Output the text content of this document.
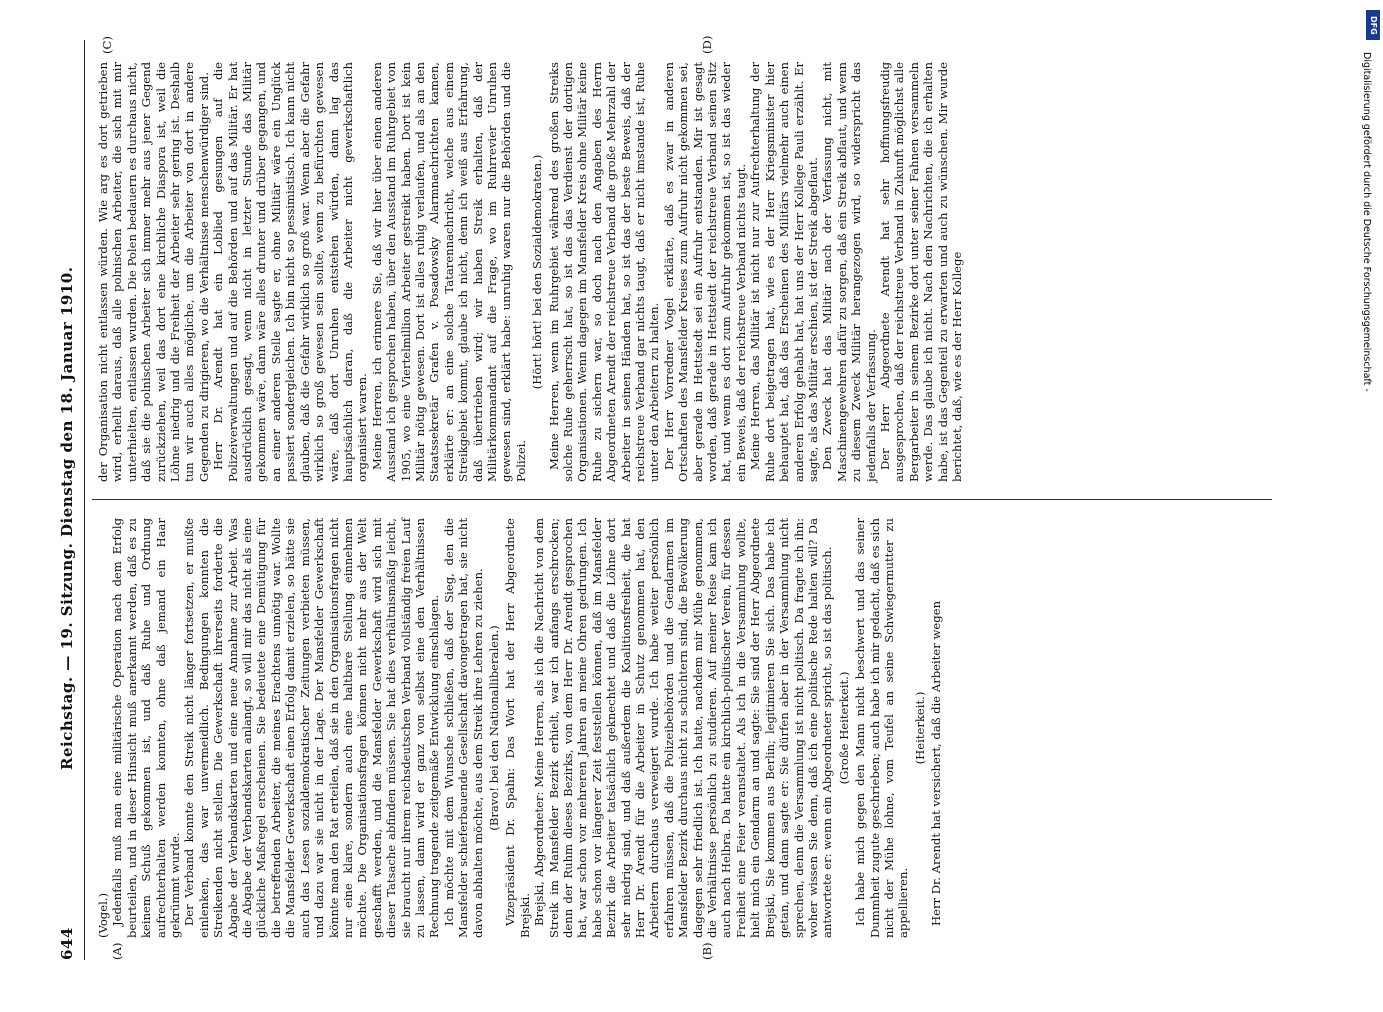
644
Reichstag. — 19. Sitzung. Dienstag den 18. Januar 1910.
(A)	(B)
(C)	(D)

(Vogel.) Jedenfalls muß man eine militärische Operation nach dem Erfolg beurteilen, und in dieser Hinsicht muß anerkannt werden, daß es zu keinem Schuß gekommen ist, und daß Ruhe und Ordnung aufrechterhalten werden konnten, ohne daß jemand ein Haar gekrümmt wurde. Der Verband konnte den Streik nicht länger fortsetzen, er mußte einlenken, das war unvermeidlich. Bedingungen konnten die Streikenden nicht stellen. Die Gewerkschaft ihrerseits forderte die Abgabe der Verbandskarten und eine neue Annahme zur Arbeit. Was die Abgabe der Verbandskarten anlangt, so will mir das nicht als eine glückliche Maßregel erscheinen. Sie bedeutete eine Demütigung für die betreffenden Arbeiter, die meines Erachtens unnötig war. Wollte die Mansfelder Gewerkschaft einen Erfolg damit erzielen, so hätte sie auch das Lesen sozialdemokratischer Zeitungen verbieten müssen, und dazu war sie nicht in der Lage. Der Mansfelder Gewerkschaft könnte man den Rat erteilen, daß sie in den Organisationsfragen nicht nur eine klare, sondern auch eine haltbare Stellung einnehmen möchte. Die Organisationsfragen können nicht mehr aus der Welt geschafft werden, und die Mansfelder Gewerkschaft wird sich mit dieser Tatsache abfinden müssen. Sie hat dies verhältnismäßig leicht, sie braucht nur ihrem reichsdeutschen Verband vollständig freien Lauf zu lassen, dann wird er ganz von selbst eine den Verhältnissen Rechnung tragende zeitgemäße Entwicklung einschlagen. Ich möchte mit dem Wunsche schließen, daß der Sieg, den die Mansfelder schieferbauende Gesellschaft davongetragen hat, sie nicht davon abhalten möchte, aus dem Streik ihre Lehren zu ziehen. (Bravo! bei den Nationalliberalen.) Vizepräsident Dr. Spahn: Das Wort hat der Herr Abgeordnete Brejski. Brejski, Abgeordneter: Meine Herren, als ich die Nachricht von dem Streik im Mansfelder Bezirk erhielt, war ich anfangs erschrocken; denn der Ruhm dieses Bezirks, von dem Herr Dr. Arendt gesprochen hat, war schon vor mehreren Jahren an meine Ohren gedrungen. Ich habe schon vor längerer Zeit feststellen können, daß im Mansfelder Bezirk die Arbeiter tatsächlich geknechtet und daß die Löhne dort sehr niedrig sind, und daß außerdem die Koalitionsfreiheit, die hat Herr Dr. Arendt für die Arbeiter in Schutz genommen hat, den Arbeitern durchaus verweigert wurde. Ich habe weiter persönlich erfahren müssen, daß die Polizeibehörden und die Gendarmen im Mansfelder Bezirk durchaus nicht zu schüchtern sind, die Bevölkerung dagegen sehr friedlich ist. Ich hatte, nachdem mir Mühe genommen, die Verhältnisse persönlich zu studieren. Auf meiner Reise kam ich auch nach Helbra. Da hatte ein kirchlich-politischer Verein, für dessen Freiheit eine Feier veranstaltet. Als ich in die Versammlung wollte, hielt mich ein Gendarm an und sagte: Sie sind der Herr Abgeordnete Brejski, Sie kommen aus Berlin; legitimieren Sie sich. Das habe ich getan, und dann sagte er: Sie dürfen aber in der Versammlung nicht sprechen, denn die Versammlung ist nicht politisch. Da fragte ich ihn: woher wissen Sie denn, daß ich eine politische Rede halten will? Da antwortete er: wenn ein Abgeordneter spricht, so ist das politisch. (Große Heiterkeit.) Ich habe mich gegen den Mann nicht beschwert und das seiner Dummheit zugute geschrieben; auch habe ich mir gedacht, daß es sich nicht der Mühe lohne, vom Teufel an seine Schwiegermutter zu appellieren.

(Heiterkeit.) Herr Dr. Arendt hat versichert, daß die Arbeiter wegen

der Organisation nicht entlassen würden. Wie arg es dort getrieben wird, erhellt daraus, daß alle polnischen Arbeiter, die sich mit mir unterhielten, entlassen wurden. Die Polen bedauern es durchaus nicht, daß sie die polnischen Arbeiter sich immer mehr aus jener Gegend zurückziehen, weil das dort eine kirchliche Diaspora ist, weil die Löhne niedrig und die Freiheit der Arbeiter sehr gering ist. Deshalb tun wir auch alles mögliche, um die Arbeiter von dort in andere Gegenden zu dirigieren, wo die Verhältnisse menschenwürdiger sind. Herr Dr. Arendt hat ein Loblied gesungen auf die Polizeiverwaltungen und auf die Behörden und auf das Militär. Er hat ausdrücklich gesagt, wenn nicht in letzter Stunde das Militär gekommen wäre, dann wäre alles drunter und drüber gegangen, und an einer anderen Stelle sagte er, ohne Militär wäre ein Unglück passiert sondergleichen. Ich bin nicht so pessimistisch. Ich kann nicht glauben, daß die Gefahr wirklich so groß war. Wenn aber die Gefahr wirklich so groß gewesen sein sollte, wenn zu befürchten gewesen wäre, daß dort Unruhen entstehen würden, dann lag das hauptsächlich daran, daß die Arbeiter nicht gewerkschaftlich organisiert waren. Meine Herren, ich erinnere Sie, daß wir hier über einen anderen Ausstand ich gesprochen haben, über den Ausstand im Ruhrgebiet von 1905, wo eine Viertelmillion Arbeiter gestreikt haben. Dort ist kein Militär nötig gewesen. Dort ist alles ruhig verlaufen, und als an den Staatssekretär Grafen v. Posadowsky Alarmnachrichten kamen, erklärte er: an eine solche Tatarennachricht, welche aus einem Streikgebiet kommt, glaube ich nicht, denn ich weiß aus Erfahrung, daß übertrieben wird; wir haben Streik erhalten, daß der Militärkommandant auf die Frage, wo im Ruhrrevier Unruhen gewesen sind, erklärt habe: unruhig waren nur die Behörden und die Polizei.

(Hört! hört! bei den Sozialdemokraten.) Meine Herren, wenn im Ruhrgebiet während des großen Streiks solche Ruhe geherrscht hat, so ist das das Verdienst der dortigen Organisationen. Wenn dagegen im Mansfelder Kreis ohne Militär keine Ruhe zu sichern war, so doch nach den Angaben des Herrn Abgeordneten Arendt der reichstreue Verband die große Mehrzahl der Arbeiter in seinen Händen hat, so ist das der beste Beweis, daß der reichstreue Verband gar nichts taugt, daß er nicht imstande ist, Ruhe unter den Arbeitern zu halten. Der Herr Vorredner Vogel erklärte, daß es zwar in anderen Ortschaften des Mansfelder Kreises zum Aufruhr nicht gekommen sei, aber gerade in Hettstedt sei ein Aufruhr entstanden. Mir ist gesagt worden, daß gerade in Hettstedt der reichstreue Verband seinen Sitz hat, und wenn es dort zum Aufruhr gekommen ist, so ist das wieder ein Beweis, daß der reichstreue Verband nichts taugt. Meine Herren, das Militär ist nicht nur zur Aufrechterhaltung der Ruhe dort beigetragen hat, wie es der Herr Kriegsminister hier behauptet hat, daß das Erscheinen des Militärs vielmehr auch einen anderen Erfolg gehabt hat, hat uns der Herr Kollege Pauli erzählt. Er sagte, als das Militär erschien, ist der Streik abgeflaut. Den Zweck hat das Militär nach der Verfassung nicht, mit Maschinengewehren dafür zu sorgen, daß ein Streik abflaut, und wenn zu diesem Zweck Militär herangezogen wird, so widerspricht das jedenfalls der Verfassung. Der Herr Abgeordnete Arendt hat sehr hoffnungsfreudig ausgesprochen, daß der reichstreue Verband in Zukunft möglichst alle Bergarbeiter in seinem Bezirke dort unter seiner Fahnen versammeln werde. Das glaube ich nicht. Nach den Nachrichten, die ich erhalten habe, ist das Gegenteil zu erwarten und auch zu wünschen. Mir wurde berichtet, daß, wie es der Herr Kollege

DFG
Digitalisierung gefördert durch die Deutsche Forschungsgemeinschaft -
